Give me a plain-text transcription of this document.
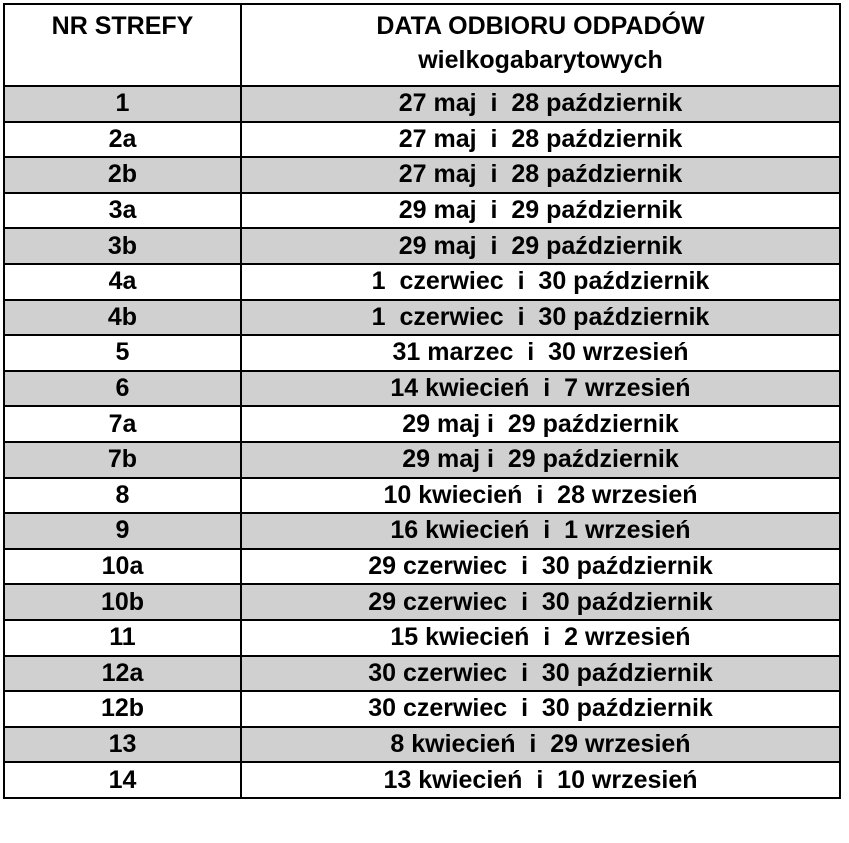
NR STREFY	DATA ODBIORU ODPADÓW
wielkogabarytowych

1	27 maj  i  28 październik
2a	27 maj  i  28 październik
2b	27 maj  i  28 październik
3a	29 maj  i  29 październik
3b	29 maj  i  29 październik
4a	1  czerwiec  i  30 październik
4b	1  czerwiec  i  30 październik
5	31 marzec  i  30 wrzesień
6	14 kwiecień  i  7 wrzesień
7a	29 maj i  29 październik
7b	29 maj i  29 październik
8	10 kwiecień  i  28 wrzesień
9	16 kwiecień  i  1 wrzesień
10a	29 czerwiec  i  30 październik
10b	29 czerwiec  i  30 październik
11	15 kwiecień  i  2 wrzesień
12a	30 czerwiec  i  30 październik
12b	30 czerwiec  i  30 październik
13	8 kwiecień  i  29 wrzesień
14	13 kwiecień  i  10 wrzesień
